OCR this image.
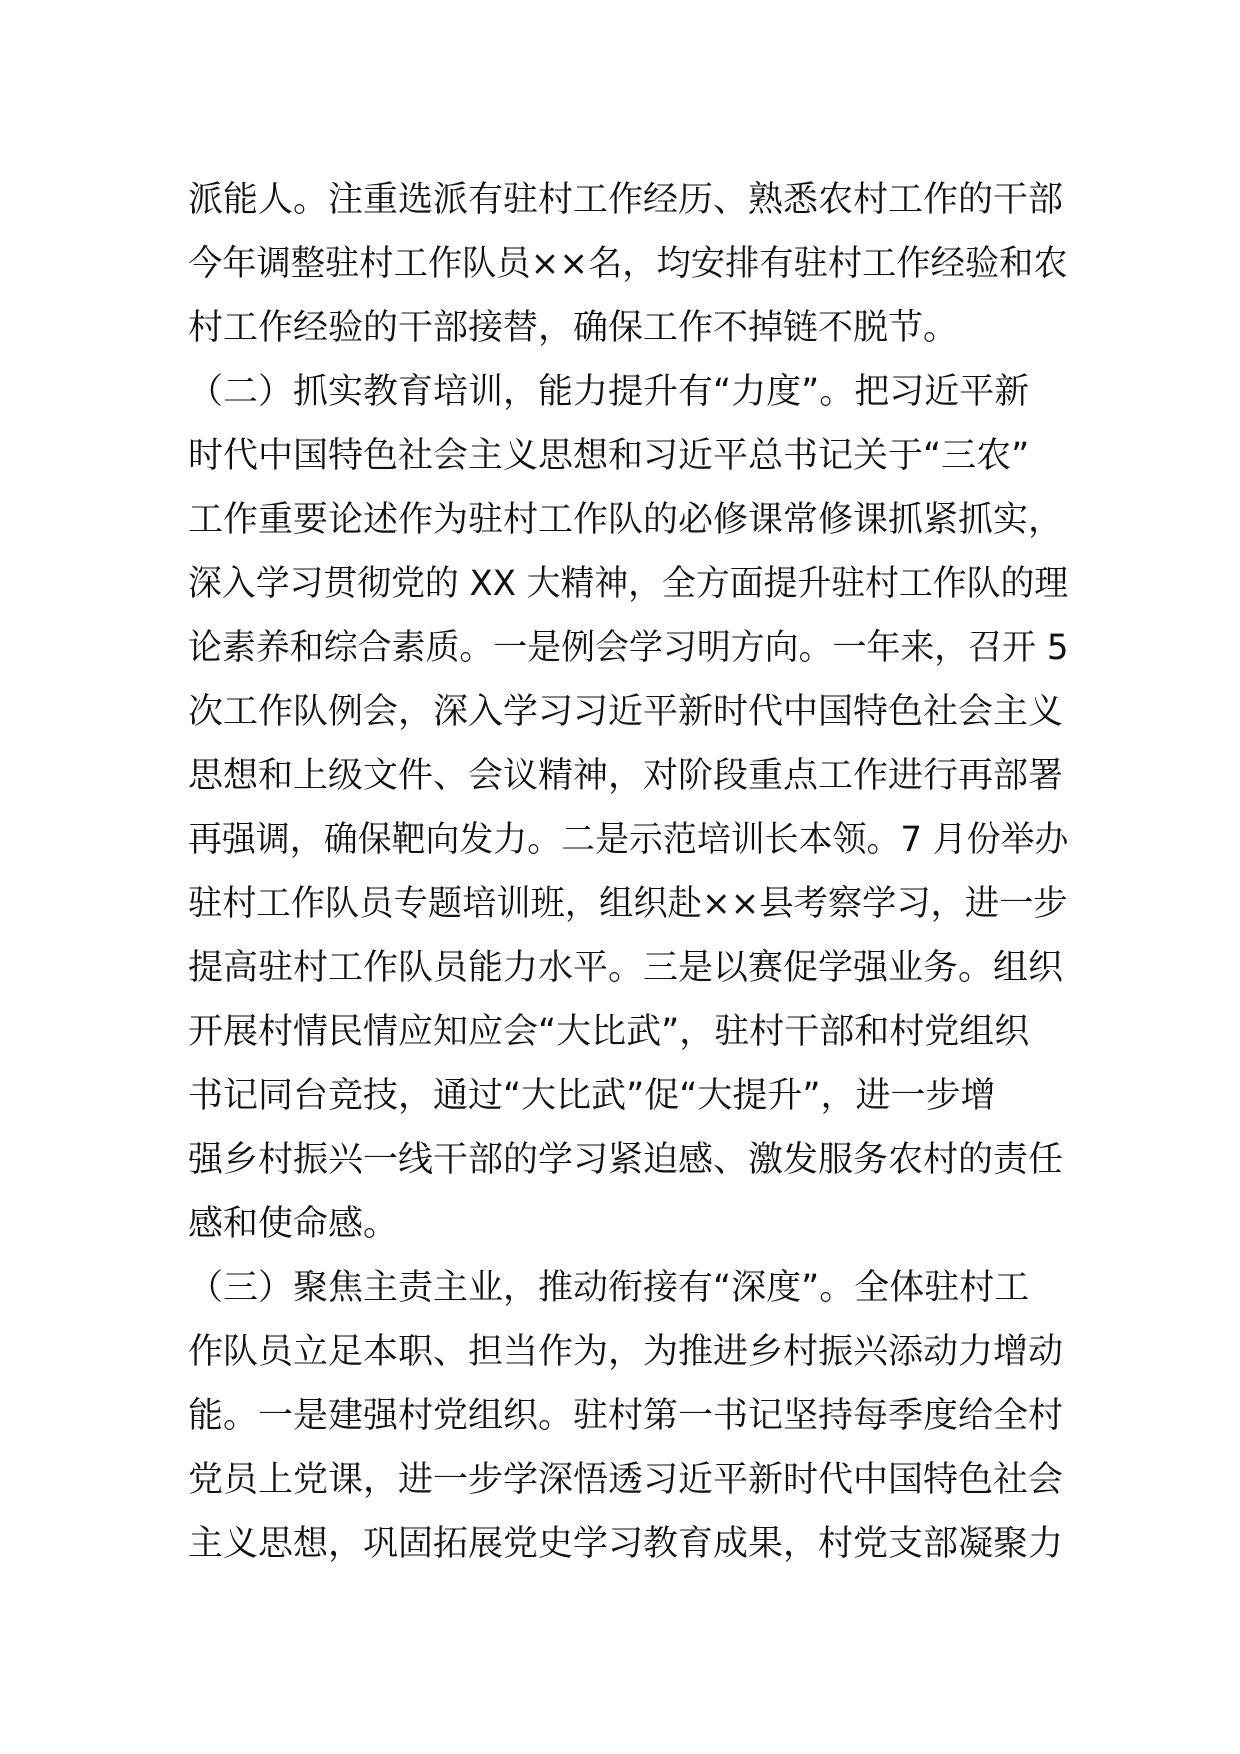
派能人。注重选派有驻村工作经历、熟悉农村工作的干部
今年调整驻村工作队员××名，均安排有驻村工作经验和农
村工作经验的干部接替，确保工作不掉链不脱节。
（二）抓实教育培训，能力提升有“力度”。把习近平新
时代中国特色社会主义思想和习近平总书记关于“三农”
工作重要论述作为驻村工作队的必修课常修课抓紧抓实，
深入学习贯彻党的 XX 大精神，全方面提升驻村工作队的理
论素养和综合素质。一是例会学习明方向。一年来，召开 5
次工作队例会，深入学习习近平新时代中国特色社会主义
思想和上级文件、会议精神，对阶段重点工作进行再部署
再强调，确保靶向发力。二是示范培训长本领。7 月份举办
驻村工作队员专题培训班，组织赴××县考察学习，进一步
提高驻村工作队员能力水平。三是以赛促学强业务。组织
开展村情民情应知应会“大比武”，驻村干部和村党组织
书记同台竞技，通过“大比武”促“大提升”，进一步增
强乡村振兴一线干部的学习紧迫感、激发服务农村的责任
感和使命感。
（三）聚焦主责主业，推动衔接有“深度”。全体驻村工
作队员立足本职、担当作为，为推进乡村振兴添动力增动
能。一是建强村党组织。驻村第一书记坚持每季度给全村
党员上党课，进一步学深悟透习近平新时代中国特色社会
主义思想，巩固拓展党史学习教育成果，村党支部凝聚力
